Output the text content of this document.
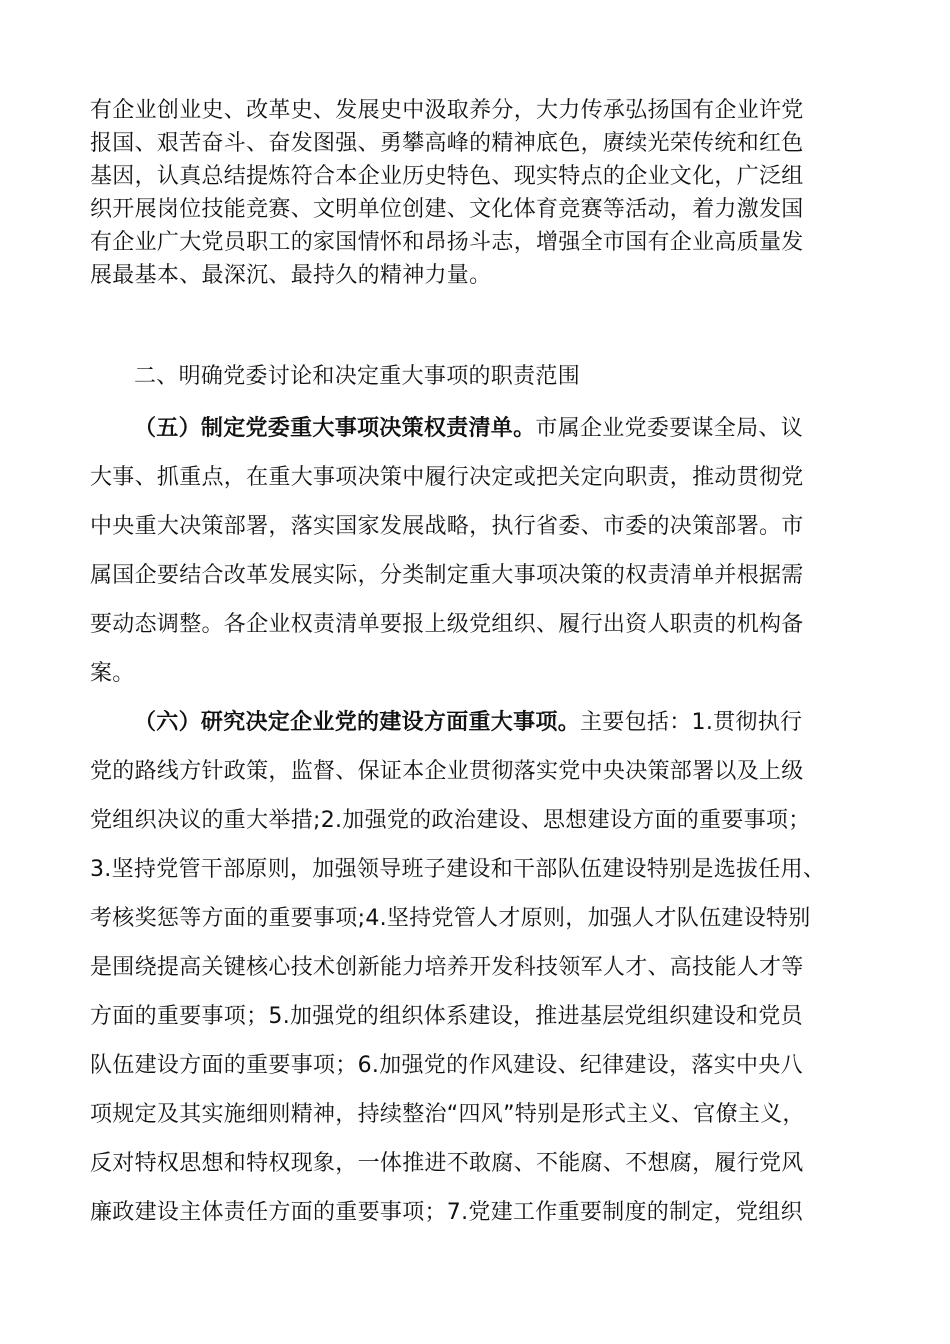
有企业创业史、改革史、发展史中汲取养分，大力传承弘扬国有企业许党
报国、艰苦奋斗、奋发图强、勇攀高峰的精神底色，赓续光荣传统和红色
基因，认真总结提炼符合本企业历史特色、现实特点的企业文化，广泛组
织开展岗位技能竞赛、文明单位创建、文化体育竞赛等活动，着力激发国
有企业广大党员职工的家国情怀和昂扬斗志，增强全市国有企业高质量发
展最基本、最深沉、最持久的精神力量。
二、明确党委讨论和决定重大事项的职责范围
（五）制定党委重大事项决策权责清单。市属企业党委要谋全局、议
大事、抓重点，在重大事项决策中履行决定或把关定向职责，推动贯彻党
中央重大决策部署，落实国家发展战略，执行省委、市委的决策部署。市
属国企要结合改革发展实际，分类制定重大事项决策的权责清单并根据需
要动态调整。各企业权责清单要报上级党组织、履行出资人职责的机构备
案。
（六）研究决定企业党的建设方面重大事项。主要包括：1.贯彻执行
党的路线方针政策，监督、保证本企业贯彻落实党中央决策部署以及上级
党组织决议的重大举措;2.加强党的政治建设、思想建设方面的重要事项；
3.坚持党管干部原则，加强领导班子建设和干部队伍建设特别是选拔任用、
考核奖惩等方面的重要事项;4.坚持党管人才原则，加强人才队伍建设特别
是围绕提高关键核心技术创新能力培养开发科技领军人才、高技能人才等
方面的重要事项；5.加强党的组织体系建设，推进基层党组织建设和党员
队伍建设方面的重要事项；6.加强党的作风建设、纪律建设，落实中央八
项规定及其实施细则精神，持续整治“四风”特别是形式主义、官僚主义，
反对特权思想和特权现象，一体推进不敢腐、不能腐、不想腐，履行党风
廉政建设主体责任方面的重要事项；7.党建工作重要制度的制定，党组织
